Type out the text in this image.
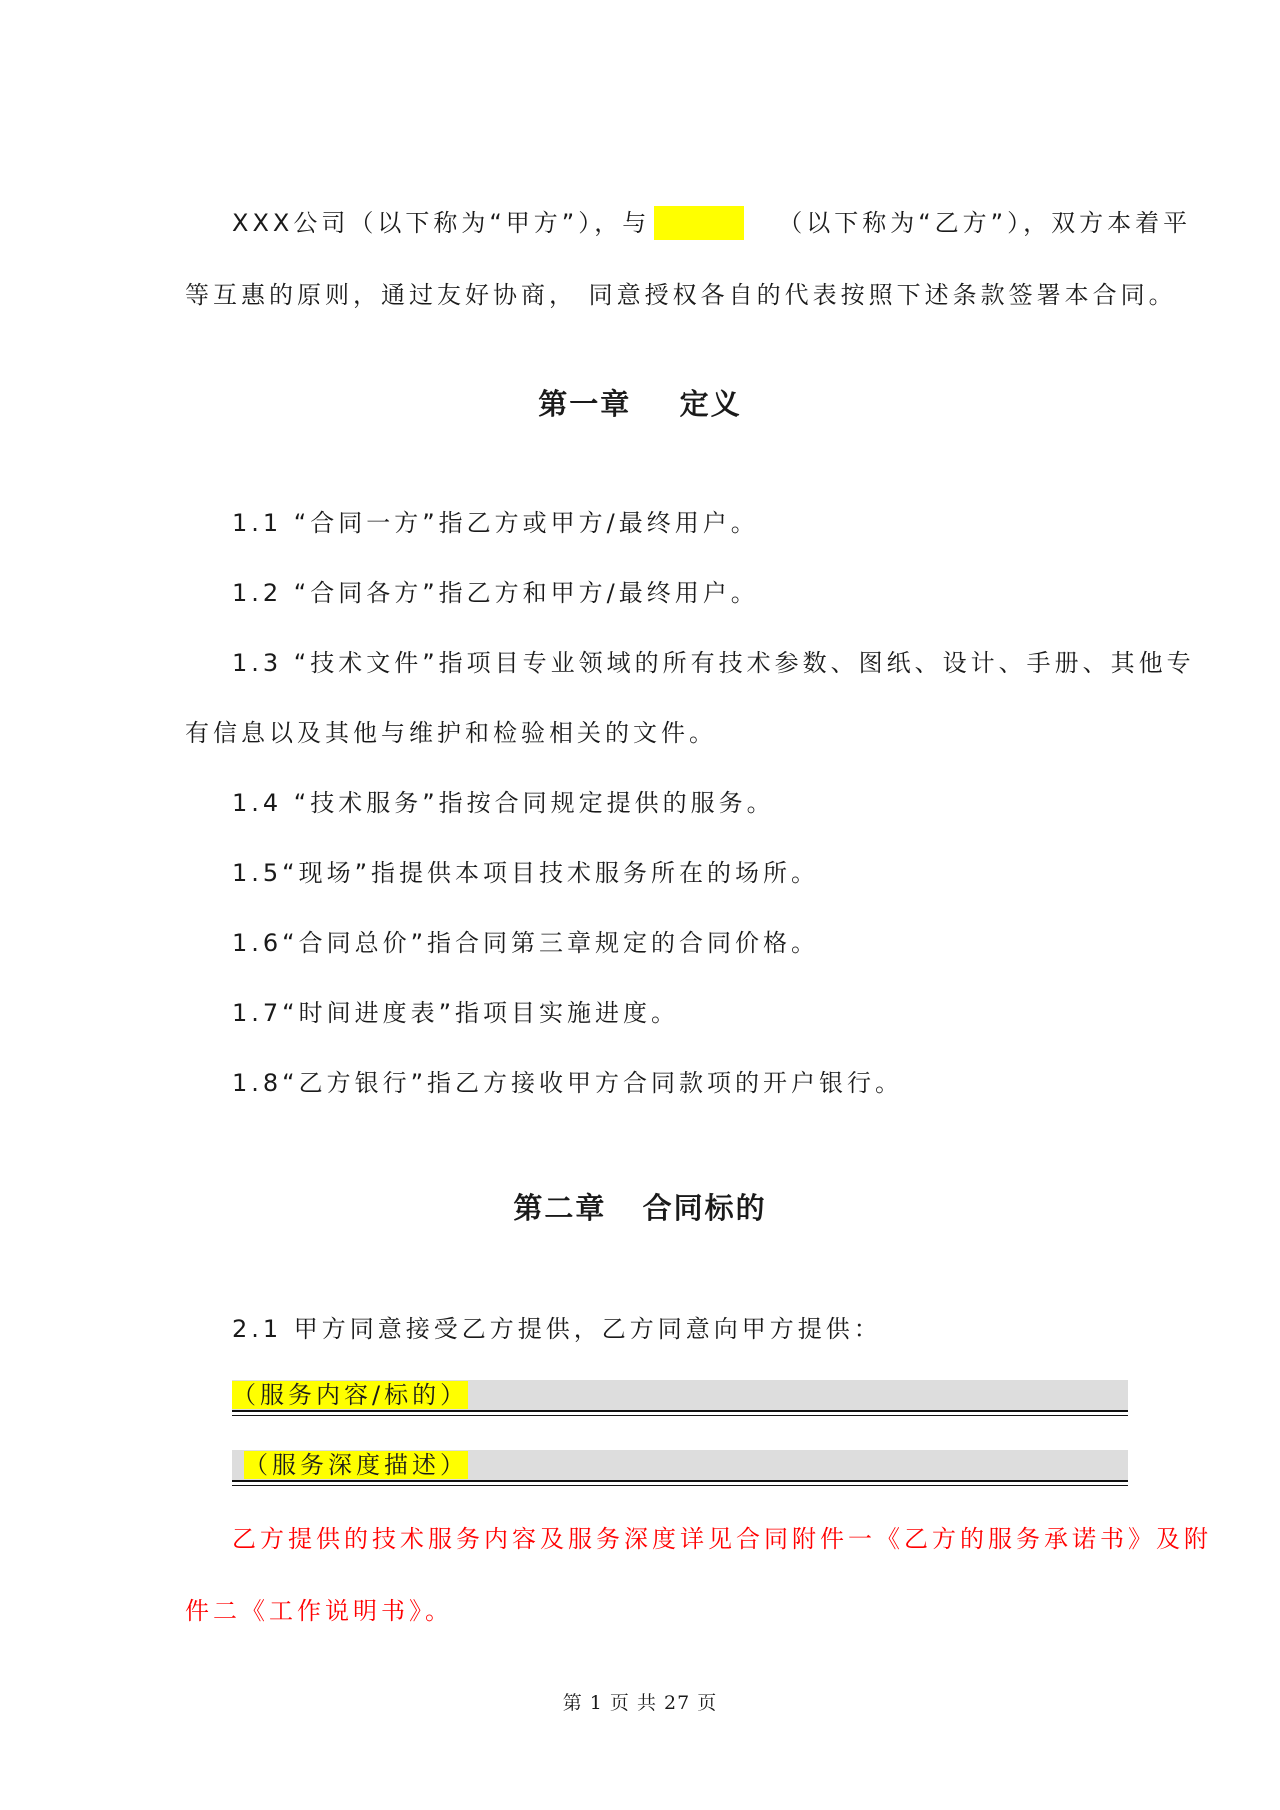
XXX公司（以下称为“甲方”），与	（以下称为“乙方”），双方本着平
等互惠的原则，通过友好协商， 同意授权各自的代表按照下述条款签署本合同。
第一章    定义
1.1 “合同一方”指乙方或甲方/最终用户。
1.2 “合同各方”指乙方和甲方/最终用户。
1.3 “技术文件”指项目专业领域的所有技术参数、图纸、设计、手册、其他专
有信息以及其他与维护和检验相关的文件。
1.4 “技术服务”指按合同规定提供的服务。
1.5“现场”指提供本项目技术服务所在的场所。
1.6“合同总价”指合同第三章规定的合同价格。
1.7“时间进度表”指项目实施进度。
1.8“乙方银行”指乙方接收甲方合同款项的开户银行。
第二章   合同标的
2.1 甲方同意接受乙方提供，乙方同意向甲方提供：
（服务内容/标的）
（服务深度描述）
乙方提供的技术服务内容及服务深度详见合同附件一《乙方的服务承诺书》及附
件二《工作说明书》。
第 1 页 共 27 页
